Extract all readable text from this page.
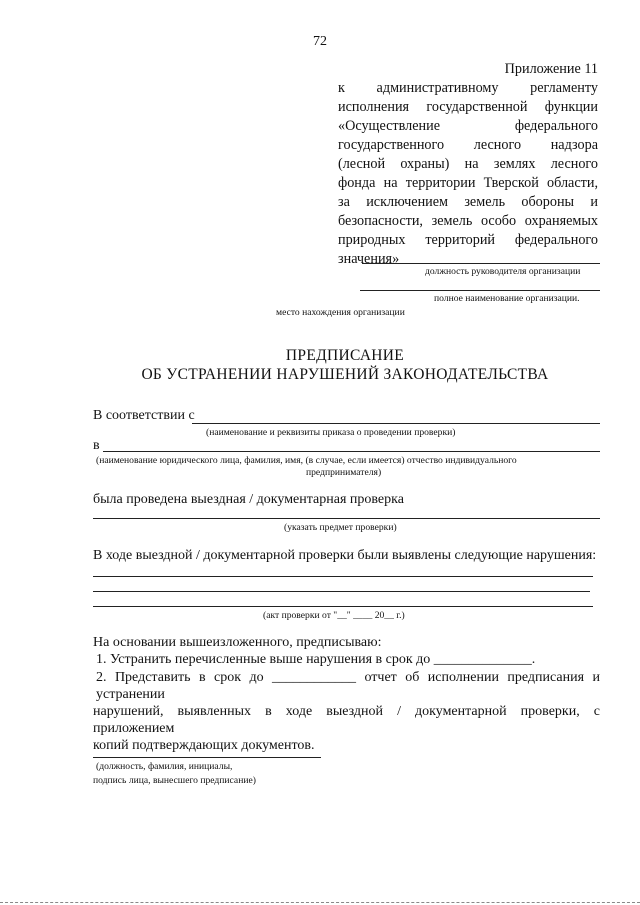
72
Приложение 11
к административному регламенту
исполнения государственной функции
«Осуществление федерального
государственного лесного надзора
(лесной охраны) на землях лесного
фонда на территории Тверской области,
за исключением земель обороны и
безопасности, земель особо охраняемых
природных территорий федерального
значения»
должность руководителя организации
полное наименование организации.
место нахождения организации
ПРЕДПИСАНИЕ
ОБ УСТРАНЕНИИ НАРУШЕНИЙ ЗАКОНОДАТЕЛЬСТВА
В соответствии с
(наименование и реквизиты приказа о проведении проверки)
в
(наименование юридического лица, фамилия, имя, (в случае, если имеется) отчество индивидуального
предпринимателя)
была проведена выездная / документарная проверка
(указать предмет проверки)
В ходе выездной / документарной проверки были выявлены следующие нарушения:
(акт проверки от "__" ____ 20__ г.)
На основании вышеизложенного, предписываю:
1. Устранить перечисленные выше нарушения в срок до ______________.
2. Представить в срок до ____________ отчет об исполнении предписания и устранении
нарушений, выявленных в ходе выездной / документарной проверки, с приложением
копий подтверждающих документов.
(должность, фамилия, инициалы,
подпись лица, вынесшего предписание)
